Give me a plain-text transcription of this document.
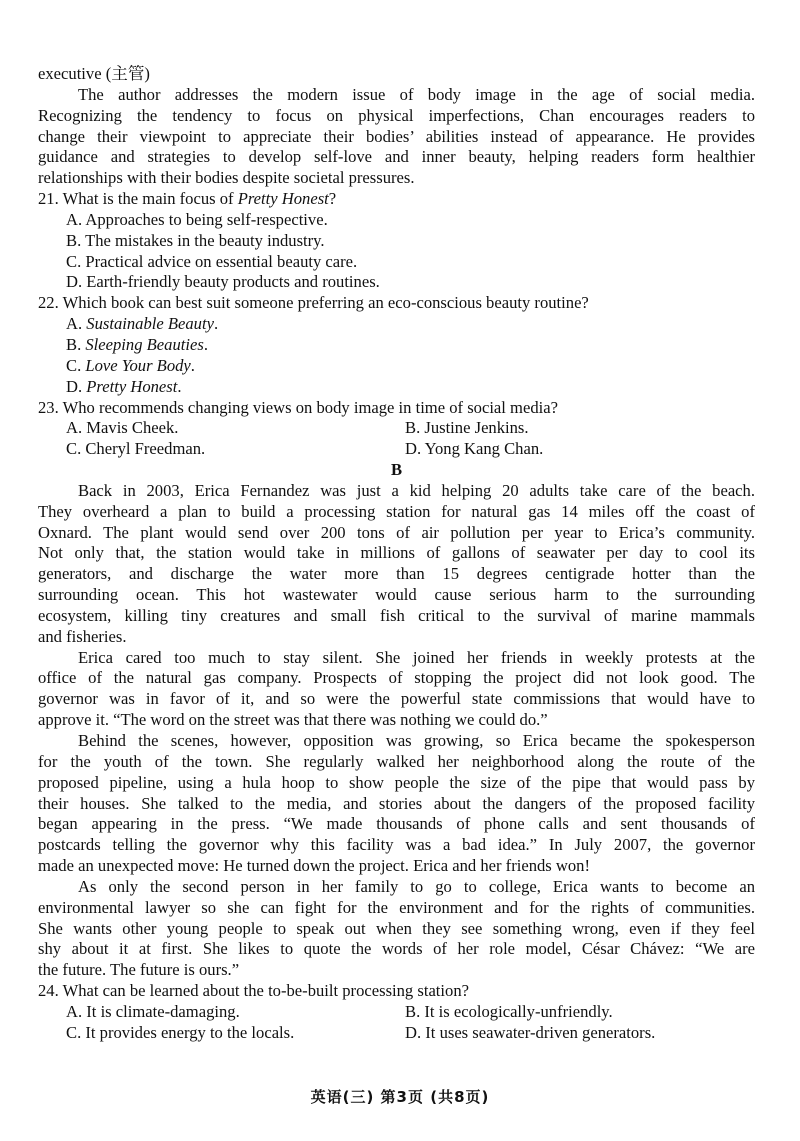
executive (主管)
The author addresses the modern issue of body image in the age of social media.
Recognizing the tendency to focus on physical imperfections, Chan encourages readers to
change their viewpoint to appreciate their bodies’ abilities instead of appearance. He provides
guidance and strategies to develop self-love and inner beauty, helping readers form healthier
relationships with their bodies despite societal pressures.
21. What is the main focus of Pretty Honest?
A. Approaches to being self-respective.
B. The mistakes in the beauty industry.
C. Practical advice on essential beauty care.
D. Earth-friendly beauty products and routines.
22. Which book can best suit someone preferring an eco-conscious beauty routine?
A. Sustainable Beauty.
B. Sleeping Beauties.
C. Love Your Body.
D. Pretty Honest.
23. Who recommends changing views on body image in time of social media?
A. Mavis Cheek.	B. Justine Jenkins.
C. Cheryl Freedman.	D. Yong Kang Chan.
B
Back in 2003, Erica Fernandez was just a kid helping 20 adults take care of the beach.
They overheard a plan to build a processing station for natural gas 14 miles off the coast of
Oxnard. The plant would send over 200 tons of air pollution per year to Erica’s community.
Not only that, the station would take in millions of gallons of seawater per day to cool its
generators, and discharge the water more than 15 degrees centigrade hotter than the
surrounding ocean. This hot wastewater would cause serious harm to the surrounding
ecosystem, killing tiny creatures and small fish critical to the survival of marine mammals
and fisheries.
Erica cared too much to stay silent. She joined her friends in weekly protests at the
office of the natural gas company. Prospects of stopping the project did not look good. The
governor was in favor of it, and so were the powerful state commissions that would have to
approve it. “The word on the street was that there was nothing we could do.”
Behind the scenes, however, opposition was growing, so Erica became the spokesperson
for the youth of the town. She regularly walked her neighborhood along the route of the
proposed pipeline, using a hula hoop to show people the size of the pipe that would pass by
their houses. She talked to the media, and stories about the dangers of the proposed facility
began appearing in the press. “We made thousands of phone calls and sent thousands of
postcards telling the governor why this facility was a bad idea.” In July 2007, the governor
made an unexpected move: He turned down the project. Erica and her friends won!
As only the second person in her family to go to college, Erica wants to become an
environmental lawyer so she can fight for the environment and for the rights of communities.
She wants other young people to speak out when they see something wrong, even if they feel
shy about it at first. She likes to quote the words of her role model, César Chávez: “We are
the future. The future is ours.”
24. What can be learned about the to-be-built processing station?
A. It is climate-damaging.	B. It is ecologically-unfriendly.
C. It provides energy to the locals.	D. It uses seawater-driven generators.
英语(三) 第3页 (共8页)
